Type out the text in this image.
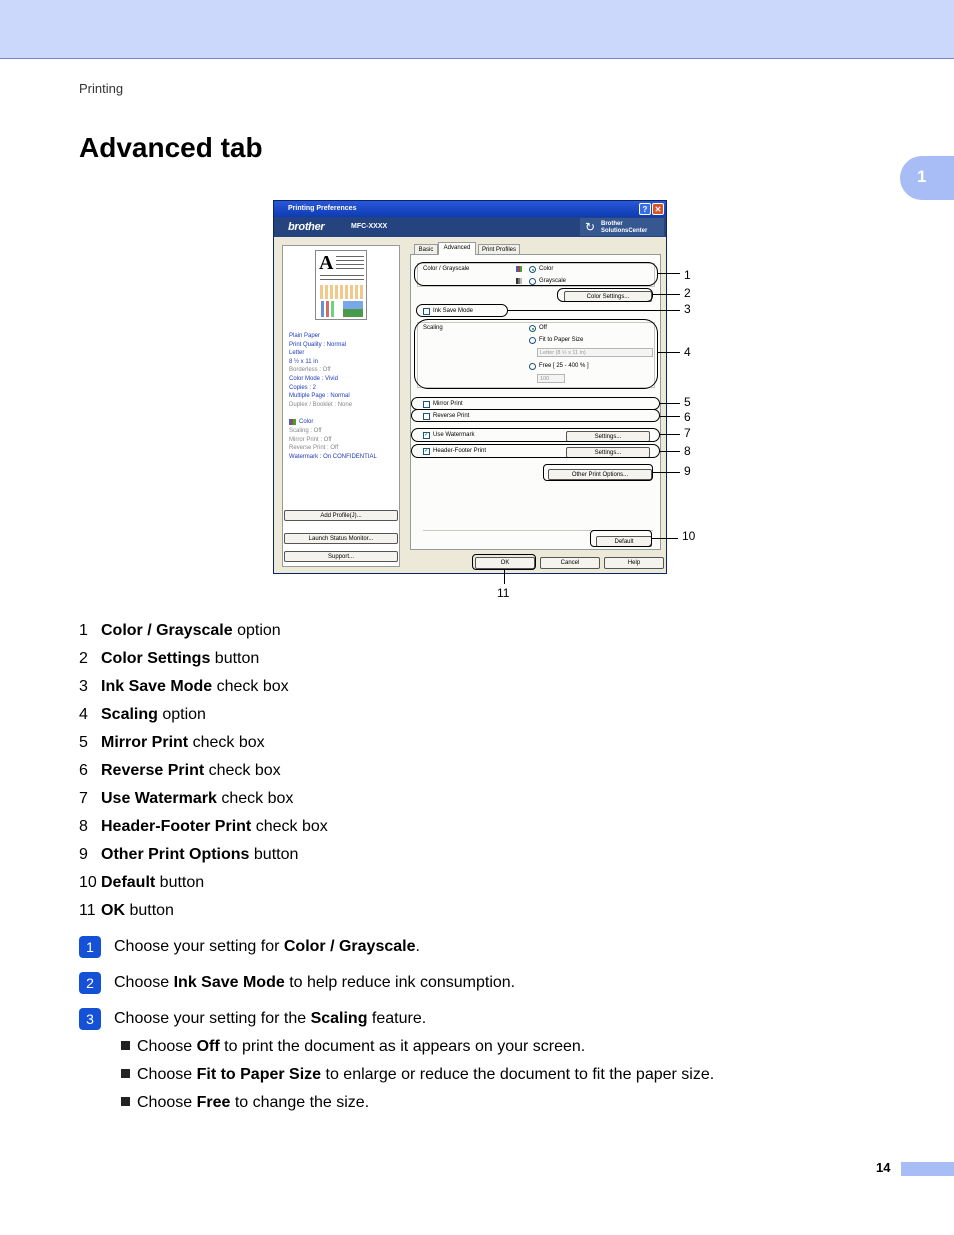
Printing
Advanced tab
1
Printing Preferences	? ✕
brother	MFC-XXXX	↻ Brother
SolutionsCenter
A
Plain Paper
Print Quality : Normal
Letter
8 ½ x 11 in
Borderless : Off
Color Mode : Vivid
Copies : 2
Multiple Page : Normal
Duplex / Booklet : None
Color
Scaling : Off
Mirror Print : Off
Reverse Print : Off
Watermark : On CONFIDENTIAL
Add Profile(J)...
Launch Status Monitor...
Support...
Basic	Advanced	Print Profiles
Color / Grayscale	Color
Grayscale
Color Settings...
Ink Save Mode
Scaling	Off
Fit to Paper Size
Letter (8 ½ x 11 in)
Free [ 25 - 400 % ]
100
Mirror Print
Reverse Print
✓ Use Watermark	Settings...
✓ Header-Footer Print	Settings...
Other Print Options...
Default
OK	Cancel	Help
1
2
3
4
5
6
7
8
9
10
11
1 Color / Grayscale option
2 Color Settings button
3 Ink Save Mode check box
4 Scaling option
5 Mirror Print check box
6 Reverse Print check box
7 Use Watermark check box
8 Header-Footer Print check box
9 Other Print Options button
10 Default button
11 OK button
1	Choose your setting for Color / Grayscale.
2	Choose Ink Save Mode to help reduce ink consumption.
3	Choose your setting for the Scaling feature.
Choose Off to print the document as it appears on your screen.
Choose Fit to Paper Size to enlarge or reduce the document to fit the paper size.
Choose Free to change the size.
14
